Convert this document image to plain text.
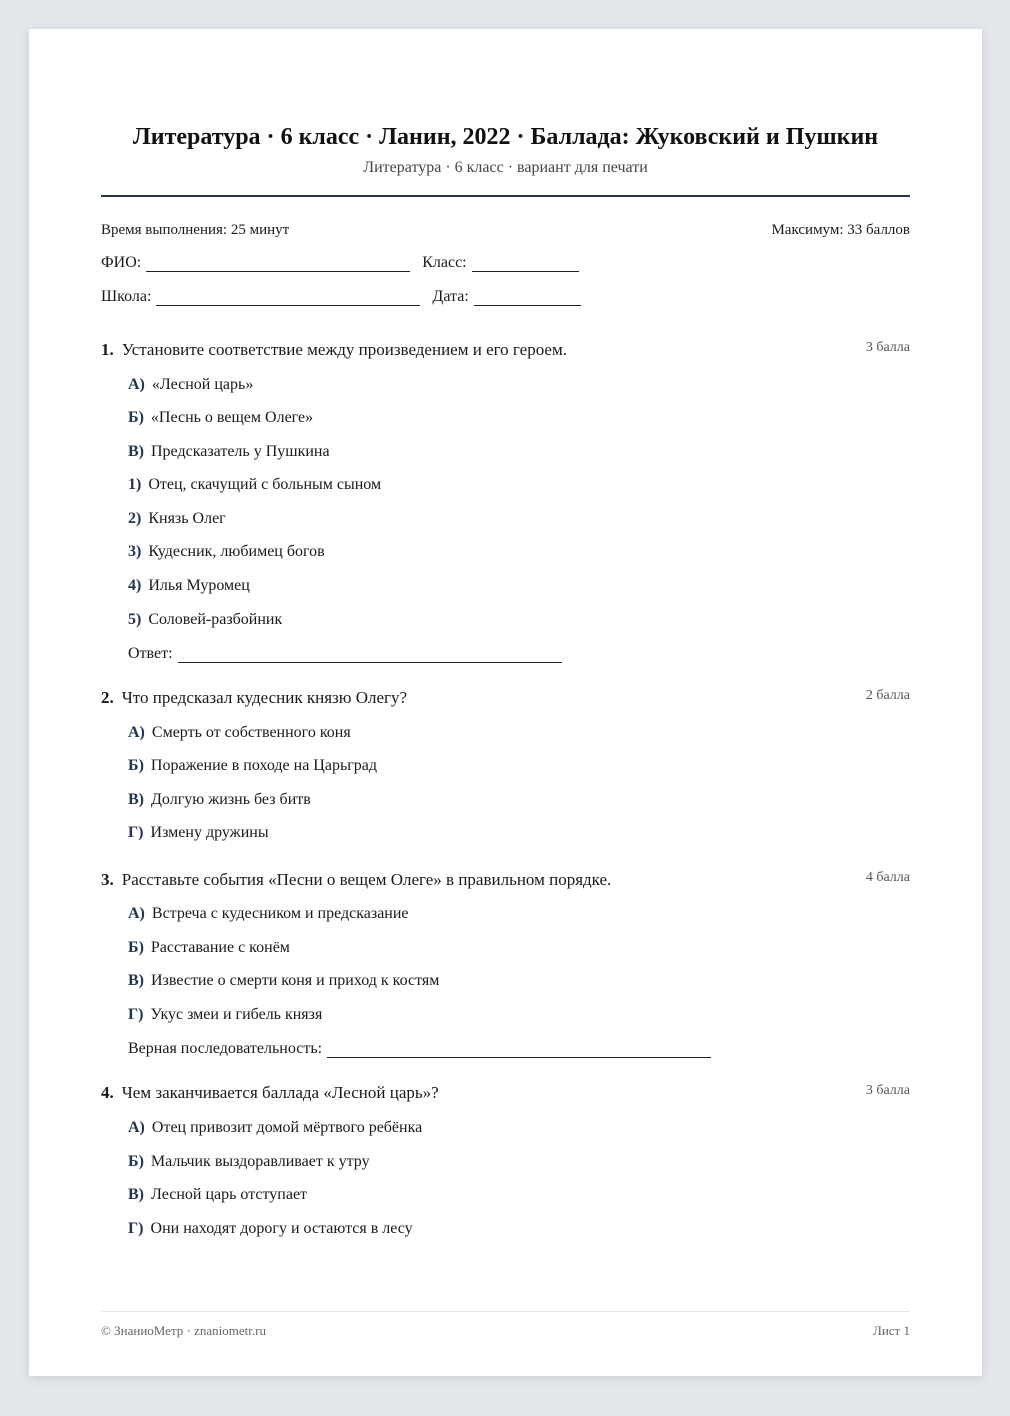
Литература · 6 класс · Ланин, 2022 · Баллада: Жуковский и Пушкин
Литература · 6 класс · вариант для печати
Время выполнения: 25 минут	Максимум: 33 баллов
ФИО:	Класс:
Школа:	Дата:
1. Установите соответствие между произведением и его героем.	3 балла
А) «Лесной царь»
Б) «Песнь о вещем Олеге»
В) Предсказатель у Пушкина
1) Отец, скачущий с больным сыном
2) Князь Олег
3) Кудесник, любимец богов
4) Илья Муромец
5) Соловей-разбойник
Ответ:
2. Что предсказал кудесник князю Олегу?	2 балла
А) Смерть от собственного коня
Б) Поражение в походе на Царьград
В) Долгую жизнь без битв
Г) Измену дружины
3. Расставьте события «Песни о вещем Олеге» в правильном порядке.	4 балла
А) Встреча с кудесником и предсказание
Б) Расставание с конём
В) Известие о смерти коня и приход к костям
Г) Укус змеи и гибель князя
Верная последовательность:
4. Чем заканчивается баллада «Лесной царь»?	3 балла
А) Отец привозит домой мёртвого ребёнка
Б) Мальчик выздоравливает к утру
В) Лесной царь отступает
Г) Они находят дорогу и остаются в лесу
© ЗнаниоМетр · znaniometr.ru	Лист 1
